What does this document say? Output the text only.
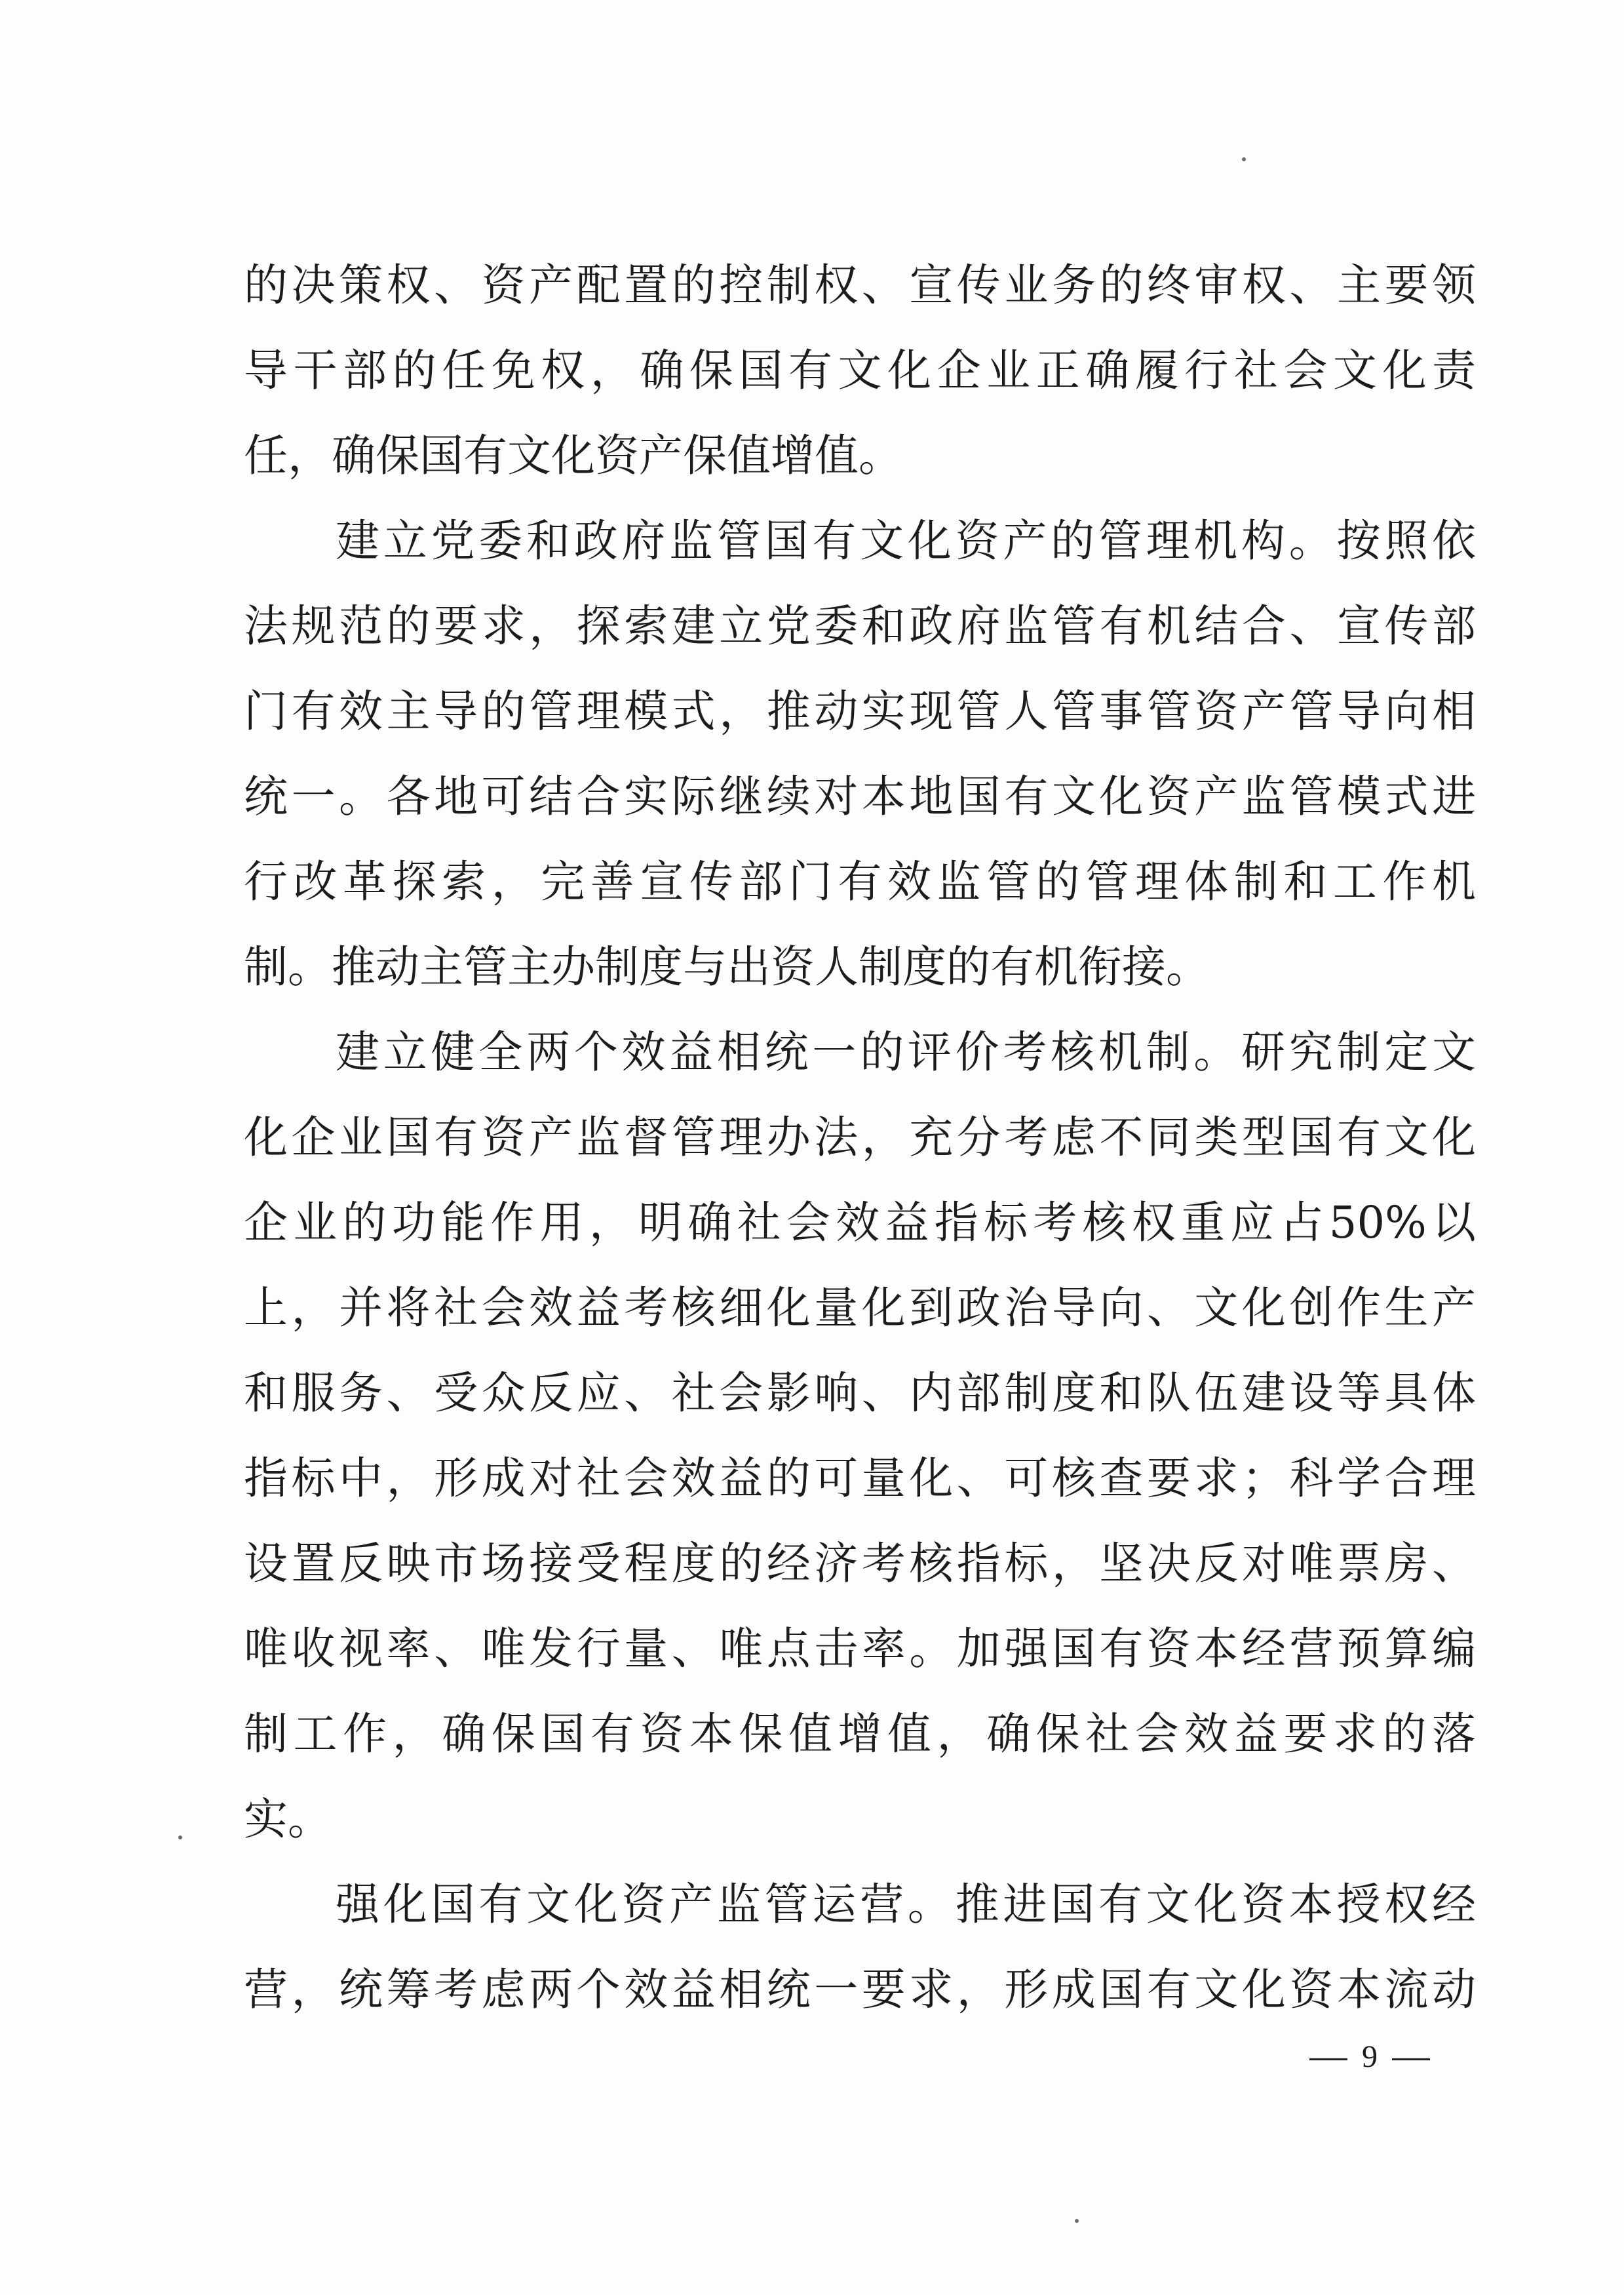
的决策权、资产配置的控制权、宣传业务的终审权、主要领
导干部的任免权，确保国有文化企业正确履行社会文化责
任，确保国有文化资产保值增值。
建立党委和政府监管国有文化资产的管理机构。按照依
法规范的要求，探索建立党委和政府监管有机结合、宣传部
门有效主导的管理模式，推动实现管人管事管资产管导向相
统一。各地可结合实际继续对本地国有文化资产监管模式进
行改革探索，完善宣传部门有效监管的管理体制和工作机
制。推动主管主办制度与出资人制度的有机衔接。
建立健全两个效益相统一的评价考核机制。研究制定文
化企业国有资产监督管理办法，充分考虑不同类型国有文化
企业的功能作用，明确社会效益指标考核权重应占50%以
上，并将社会效益考核细化量化到政治导向、文化创作生产
和服务、受众反应、社会影响、内部制度和队伍建设等具体
指标中，形成对社会效益的可量化、可核查要求；科学合理
设置反映市场接受程度的经济考核指标，坚决反对唯票房、
唯收视率、唯发行量、唯点击率。加强国有资本经营预算编
制工作，确保国有资本保值增值，确保社会效益要求的落
实。
强化国有文化资产监管运营。推进国有文化资本授权经
营，统筹考虑两个效益相统一要求，形成国有文化资本流动
9
